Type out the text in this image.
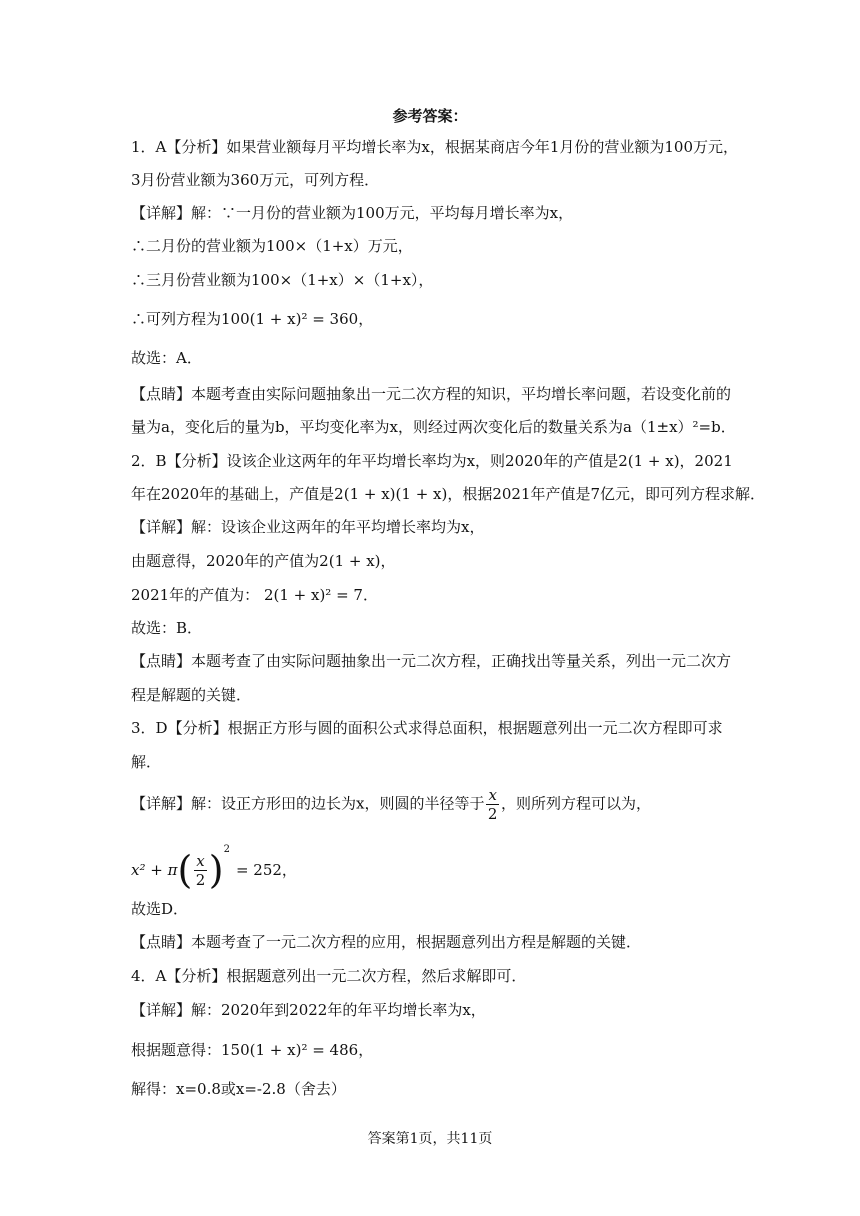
参考答案：
1．A【分析】如果营业额每月平均增长率为x，根据某商店今年1月份的营业额为100万元，
3月份营业额为360万元，可列方程．
【详解】解：∵一月份的营业额为100万元，平均每月增长率为x，
∴二月份的营业额为100×（1+x）万元，
∴三月份营业额为100×（1+x）×（1+x），
∴可列方程为100(1 + x)² = 360，
故选：A．
【点睛】本题考查由实际问题抽象出一元二次方程的知识，平均增长率问题，若设变化前的
量为a，变化后的量为b，平均变化率为x，则经过两次变化后的数量关系为a（1±x）²=b．
2．B【分析】设该企业这两年的年平均增长率均为x，则2020年的产值是2(1 + x)，2021
年在2020年的基础上，产值是2(1 + x)(1 + x)，根据2021年产值是7亿元，即可列方程求解．
【详解】解：设该企业这两年的年平均增长率均为x，
由题意得，2020年的产值为2(1 + x)，
2021年的产值为： 2(1 + x)² = 7．
故选：B．
【点睛】本题考查了由实际问题抽象出一元二次方程，正确找出等量关系，列出一元二次方
程是解题的关键．
3．D【分析】根据正方形与圆的面积公式求得总面积，根据题意列出一元二次方程即可求
解．
【详解】解：设正方形田的边长为x，则圆的半径等于 $\frac{x}{2}$ ，则所列方程可以为，
$x^2 + \pi( \frac{x}{2} )^2= 252$，
故选D．
【点睛】本题考查了一元二次方程的应用，根据题意列出方程是解题的关键．
4．A【分析】根据题意列出一元二次方程，然后求解即可．
【详解】解：2020年到2022年的年平均增长率为x，
根据题意得：150(1 + x)² = 486，
解得：x=0.8或x=-2.8（舍去）
答案第1页，共11页
